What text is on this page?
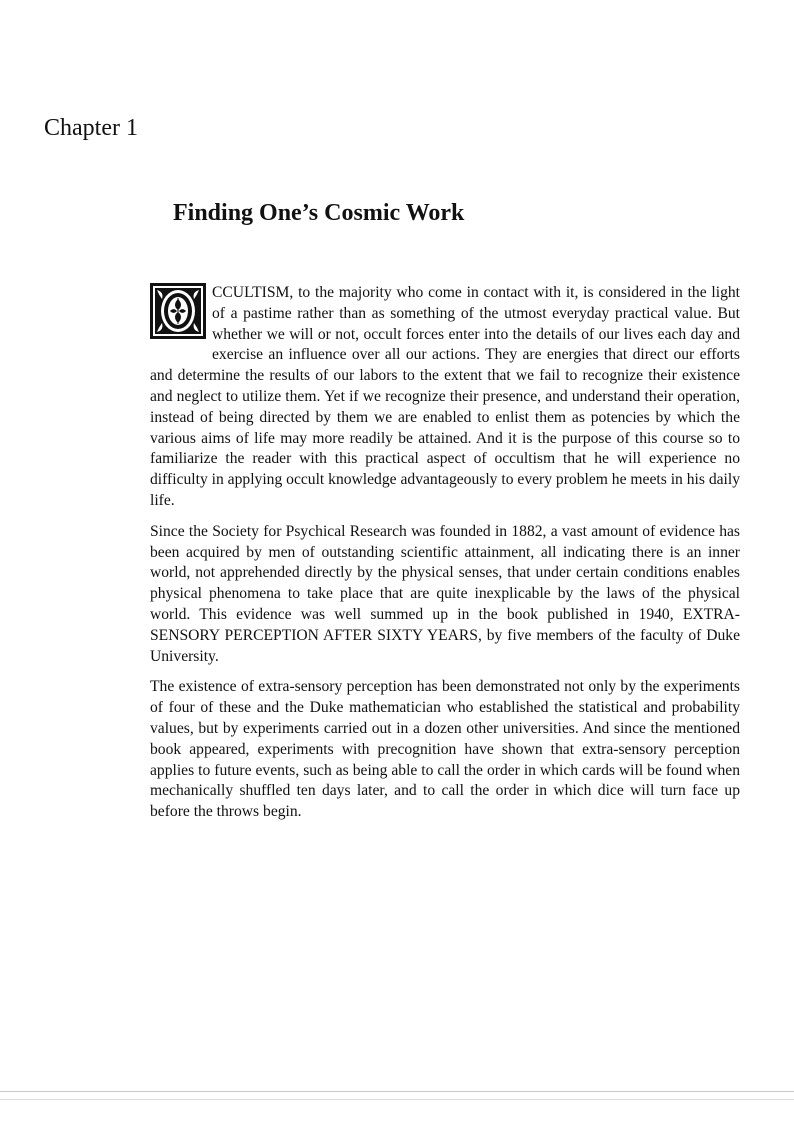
Chapter 1
Finding One’s Cosmic Work

CCULTISM, to the majority who come in contact with it, is considered in the light of a pastime rather than as something of the utmost everyday practical value. But whether we will or not, occult forces enter into the details of our lives each day and exercise an influence over all our actions. They are energies that direct our efforts and determine the results of our labors to the extent that we fail to recognize their existence and neglect to utilize them. Yet if we recognize their presence, and understand their operation, instead of being directed by them we are enabled to enlist them as potencies by which the various aims of life may more readily be attained. And it is the purpose of this course so to familiarize the reader with this practical aspect of occultism that he will experience no difficulty in applying occult knowledge advantageously to every problem he meets in his daily life.

Since the Society for Psychical Research was founded in 1882, a vast amount of evidence has been acquired by men of outstanding scientific attainment, all indicating there is an inner world, not apprehended directly by the physical senses, that under certain conditions enables physical phenomena to take place that are quite inexplicable by the laws of the physical world. This evidence was well summed up in the book published in 1940, EXTRA-SENSORY PERCEPTION AFTER SIXTY YEARS, by five members of the faculty of Duke University.

The existence of extra-sensory perception has been demonstrated not only by the experiments of four of these and the Duke mathematician who established the statistical and probability values, but by experiments carried out in a dozen other universities. And since the mentioned book appeared, experiments with precognition have shown that extra-sensory perception applies to future events, such as being able to call the order in which cards will be found when mechanically shuffled ten days later, and to call the order in which dice will turn face up before the throws begin.
